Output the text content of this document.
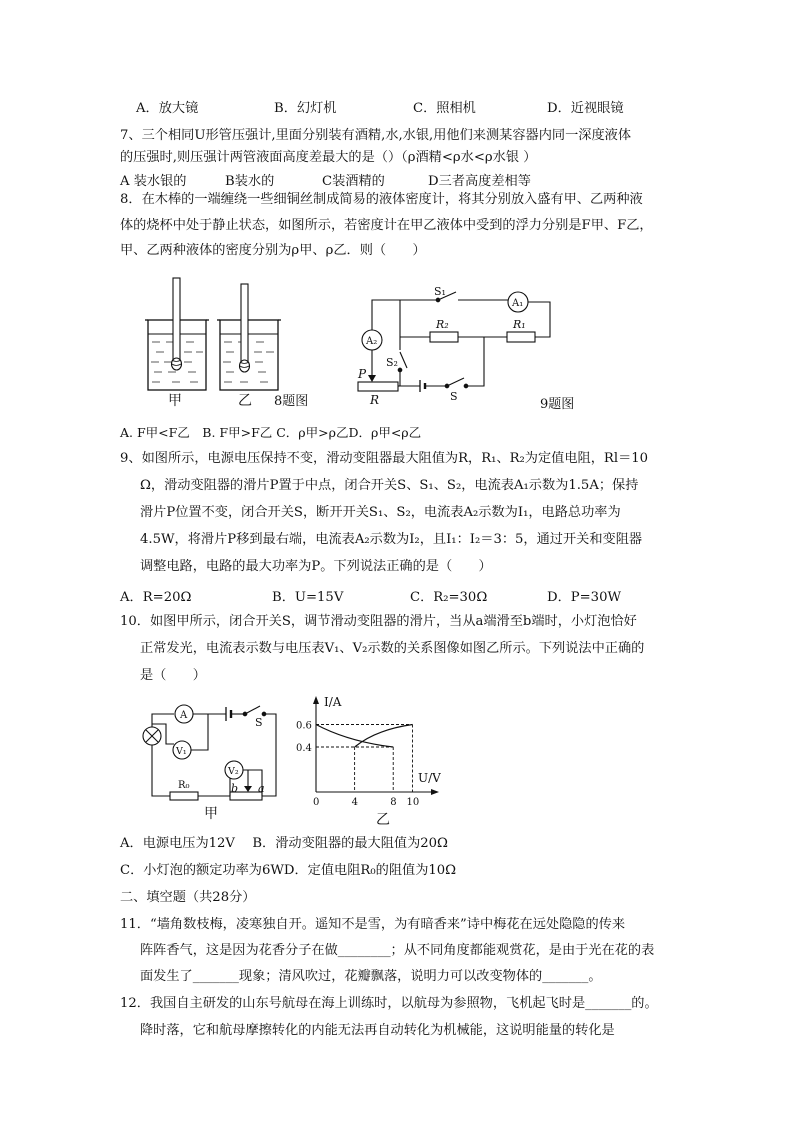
A．放大镜	B．幻灯机	C．照相机	D．近视眼镜
7、三个相同U形管压强计,里面分别装有酒精,水,水银,用他们来测某容器内同一深度液体
的压强时,则压强计两管液面高度差最大的是（）（ρ酒精<ρ水<ρ水银 ）
A 装水银的	B装水的	C装酒精的	D三者高度差相等
8．在木棒的一端缠绕一些细铜丝制成简易的液体密度计，将其分别放入盛有甲、乙两种液
体的烧杯中处于静止状态，如图所示，若密度计在甲乙液体中受到的浮力分别是F甲、F乙，
甲、乙两种液体的密度分别为ρ甲、ρ乙．则（　　）
甲	乙 8题图
S₁
A₁
R₂	R₁
A₂
S₂
P
R	S
9题图
A. F甲<F乙　B. F甲>F乙 C．ρ甲>ρ乙D．ρ甲<ρ乙
9、如图所示，电源电压保持不变，滑动变阻器最大阻值为R，R₁、R₂为定值电阻，Rl＝10
Ω，滑动变阻器的滑片P置于中点，闭合开关S、S₁、S₂，电流表A₁示数为1.5A；保持
滑片P位置不变，闭合开关S，断开开关S₁、S₂，电流表A₂示数为I₁，电路总功率为
4.5W，将滑片P移到最右端，电流表A₂示数为I₂，且I₁：I₂＝3：5，通过开关和变阻器
调整电路，电路的最大功率为P。下列说法正确的是（　　）
A．R=20Ω	B．U=15V	C．R₂=30Ω	D．P=30W
10．如图甲所示，闭合开关S，调节滑动变阻器的滑片，当从a端滑至b端时，小灯泡恰好
正常发光，电流表示数与电压表V₁、V₂示数的关系图像如图乙所示。下列说法中正确的
是（　　）
A
V₁
V₂
S
R₀	b a
甲
0	4	8 10
0.6
0.4
I/A
U/V
乙
A．电源电压为12V　 B．滑动变阻器的最大阻值为20Ω
C．小灯泡的额定功率为6WD．定值电阻R₀的阻值为10Ω
二、填空题（共28分）
11．“墙角数枝梅，凌寒独自开。遥知不是雪，为有暗香来”诗中梅花在远处隐隐的传来
阵阵香气，这是因为花香分子在做________；从不同角度都能观赏花，是由于光在花的表
面发生了_______现象；清风吹过，花瓣飘落，说明力可以改变物体的_______。
12．我国自主研发的山东号航母在海上训练时，以航母为参照物，飞机起飞时是_______的。
降时落，它和航母摩擦转化的内能无法再自动转化为机械能，这说明能量的转化是
